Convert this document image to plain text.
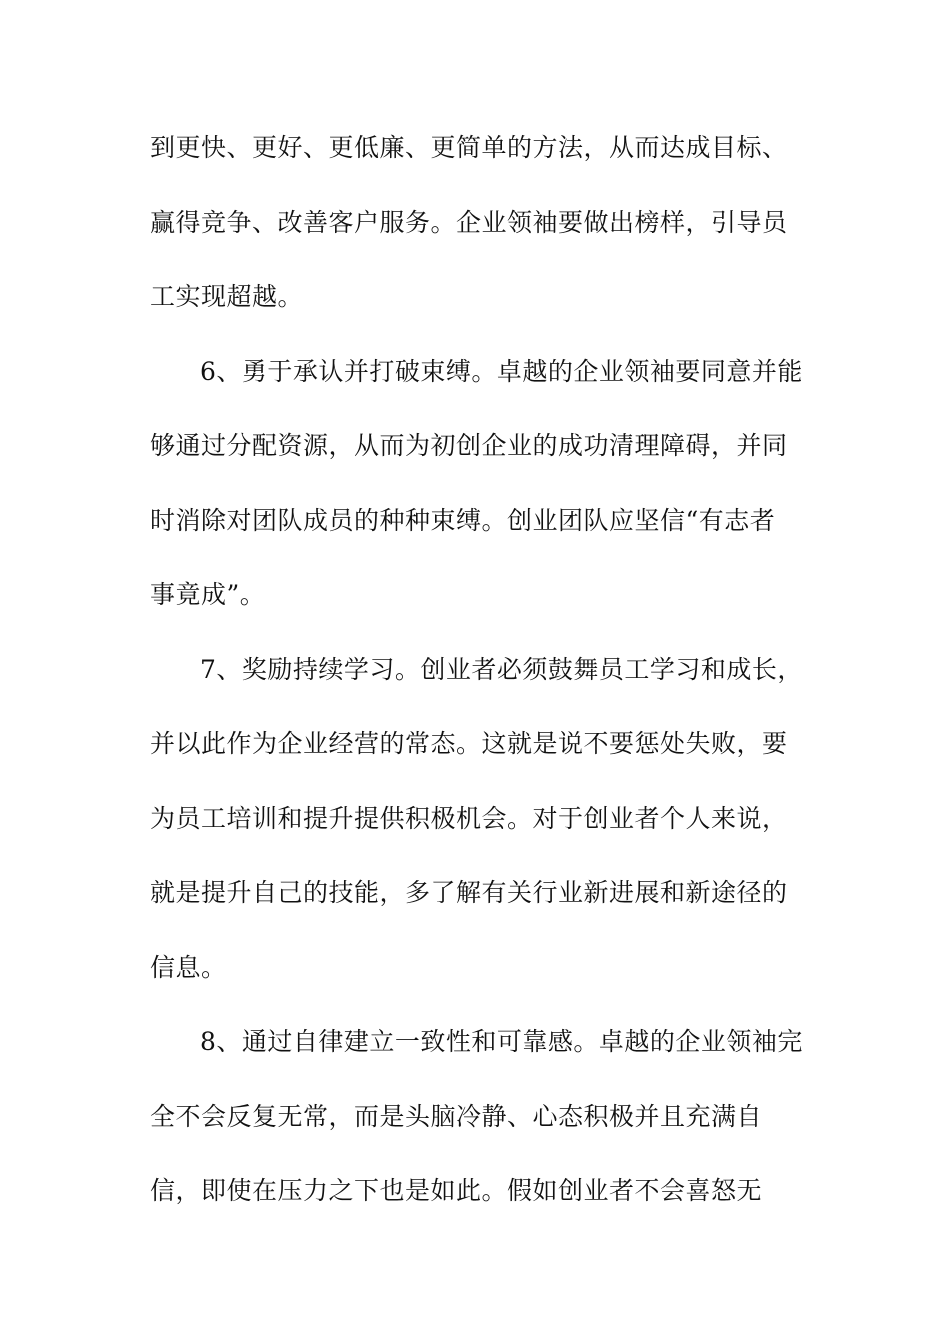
到更快、更好、更低廉、更简单的方法，从而达成目标、
赢得竞争、改善客户服务。企业领袖要做出榜样，引导员
工实现超越。
6、勇于承认并打破束缚。卓越的企业领袖要同意并能
够通过分配资源，从而为初创企业的成功清理障碍，并同
时消除对团队成员的种种束缚。创业团队应坚信“有志者
事竟成”。
7、奖励持续学习。创业者必须鼓舞员工学习和成长，
并以此作为企业经营的常态。这就是说不要惩处失败，要
为员工培训和提升提供积极机会。对于创业者个人来说，
就是提升自己的技能，多了解有关行业新进展和新途径的
信息。
8、通过自律建立一致性和可靠感。卓越的企业领袖完
全不会反复无常，而是头脑冷静、心态积极并且充满自
信，即使在压力之下也是如此。假如创业者不会喜怒无
